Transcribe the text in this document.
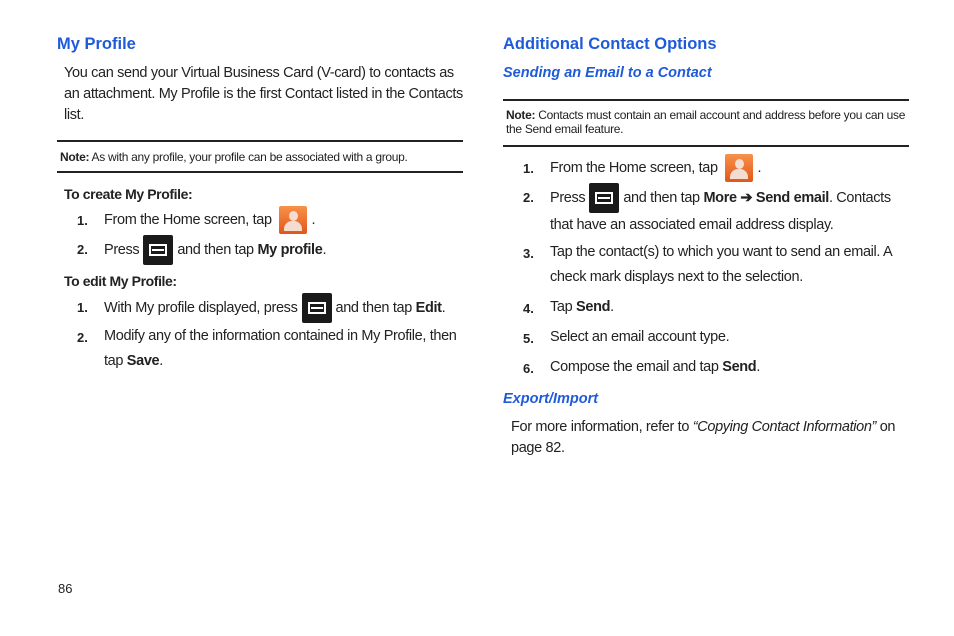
My Profile
You can send your Virtual Business Card (V-card) to contacts as an attachment. My Profile is the first Contact listed in the Contacts list.
Note: As with any profile, your profile can be associated with a group.
To create My Profile:
1. From the Home screen, tap	.
2. Press	and then tap My profile.
To edit My Profile:
1. With My profile displayed, press	and then tap Edit.
2. Modify any of the information contained in My Profile, then tap Save.
Additional Contact Options
Sending an Email to a Contact
Note: Contacts must contain an email account and address before you can use the Send email feature.
1. From the Home screen, tap	.
2. Press	and then tap More ➔ Send email. Contacts that have an associated email address display.
3. Tap the contact(s) to which you want to send an email. A check mark displays next to the selection.
4. Tap Send.
5. Select an email account type.
6. Compose the email and tap Send.
Export/Import
For more information, refer to “Copying Contact Information” on page 82.
86
